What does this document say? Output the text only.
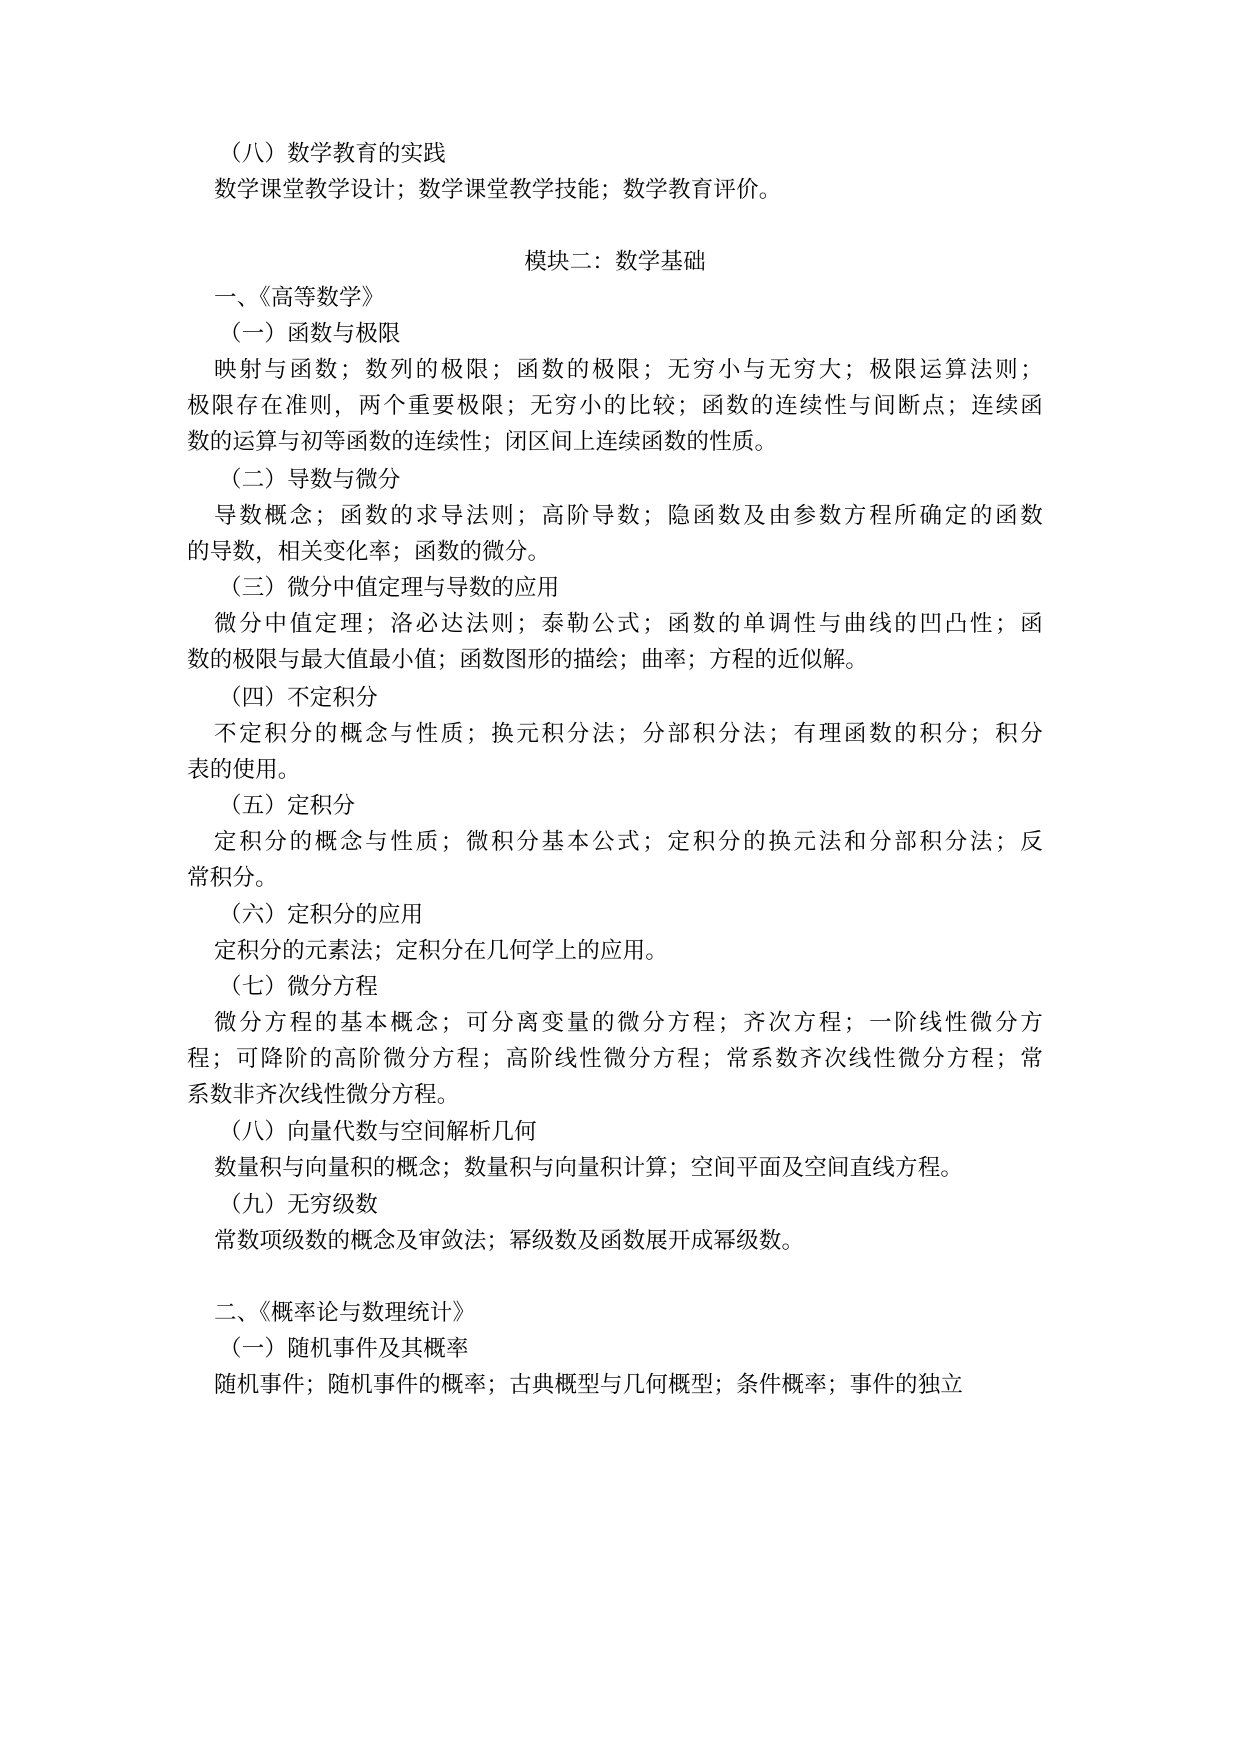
（八）数学教育的实践
数学课堂教学设计；数学课堂教学技能；数学教育评价。
模块二：数学基础
一、《高等数学》
（一）函数与极限
映射与函数；数列的极限；函数的极限；无穷小与无穷大；极限运算法则；
极限存在准则，两个重要极限；无穷小的比较；函数的连续性与间断点；连续函
数的运算与初等函数的连续性；闭区间上连续函数的性质。
（二）导数与微分
导数概念；函数的求导法则；高阶导数；隐函数及由参数方程所确定的函数
的导数，相关变化率；函数的微分。
（三）微分中值定理与导数的应用
微分中值定理；洛必达法则；泰勒公式；函数的单调性与曲线的凹凸性；函
数的极限与最大值最小值；函数图形的描绘；曲率；方程的近似解。
（四）不定积分
不定积分的概念与性质；换元积分法；分部积分法；有理函数的积分；积分
表的使用。
（五）定积分
定积分的概念与性质；微积分基本公式；定积分的换元法和分部积分法；反
常积分。
（六）定积分的应用
定积分的元素法；定积分在几何学上的应用。
（七）微分方程
微分方程的基本概念；可分离变量的微分方程；齐次方程；一阶线性微分方
程；可降阶的高阶微分方程；高阶线性微分方程；常系数齐次线性微分方程；常
系数非齐次线性微分方程。
（八）向量代数与空间解析几何
数量积与向量积的概念；数量积与向量积计算；空间平面及空间直线方程。
（九）无穷级数
常数项级数的概念及审敛法；幂级数及函数展开成幂级数。
二、《概率论与数理统计》
（一）随机事件及其概率
随机事件；随机事件的概率；古典概型与几何概型；条件概率；事件的独立
